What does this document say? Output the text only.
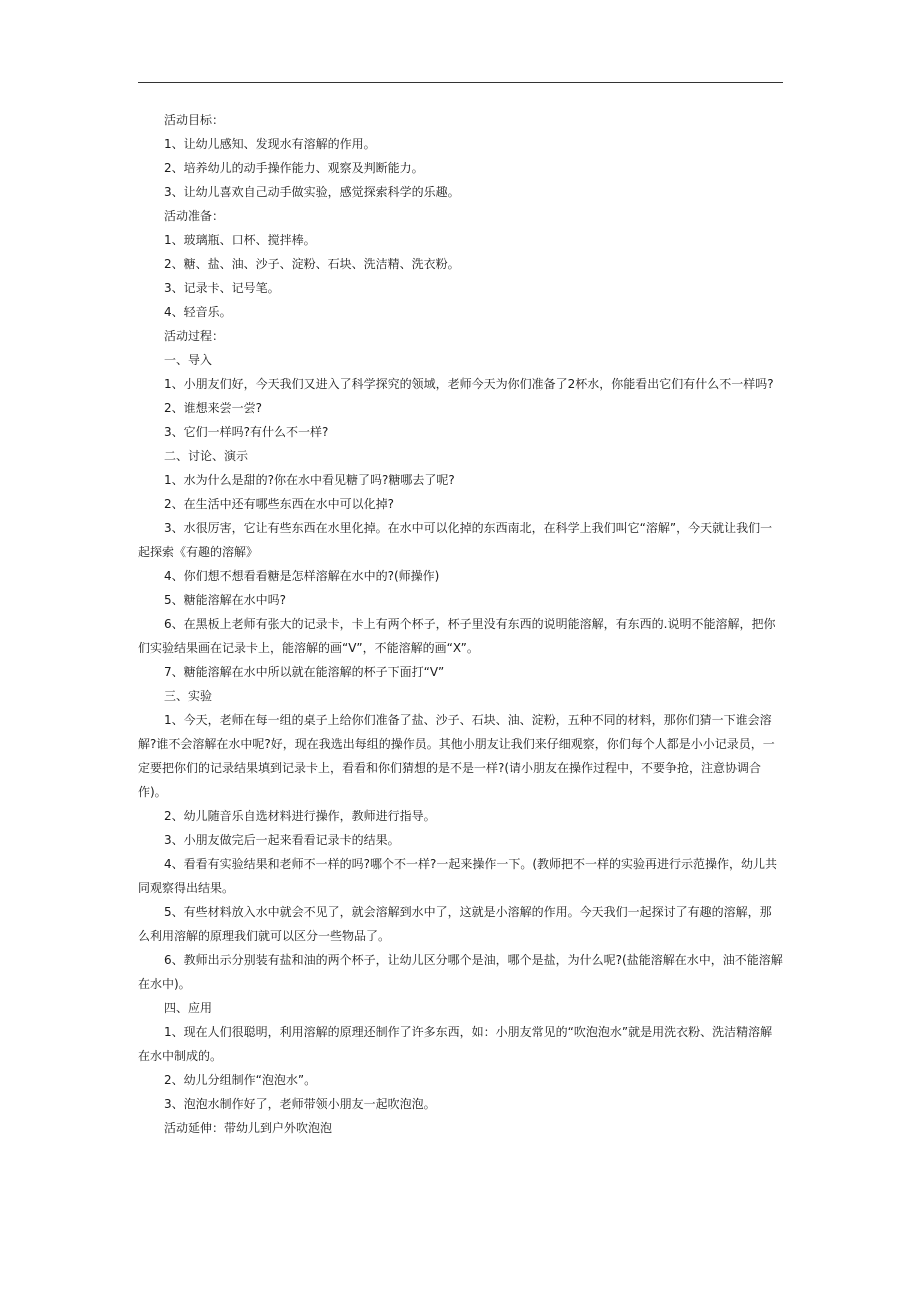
活动目标：

1、让幼儿感知、发现水有溶解的作用。

2、培养幼儿的动手操作能力、观察及判断能力。

3、让幼儿喜欢自己动手做实验，感觉探索科学的乐趣。

活动准备：

1、玻璃瓶、口杯、搅拌棒。

2、糖、盐、油、沙子、淀粉、石块、洗洁精、洗衣粉。

3、记录卡、记号笔。

4、轻音乐。

活动过程：

一、导入

1、小朋友们好，今天我们又进入了科学探究的领域，老师今天为你们准备了2杯水，你能看出它们有什么不一样吗?

2、谁想来尝一尝?

3、它们一样吗?有什么不一样?

二、讨论、演示

1、水为什么是甜的?你在水中看见糖了吗?糖哪去了呢?

2、在生活中还有哪些东西在水中可以化掉?

3、水很厉害，它让有些东西在水里化掉。在水中可以化掉的东西南北，在科学上我们叫它“溶解”，今天就让我们一起探索《有趣的溶解》

4、你们想不想看看糖是怎样溶解在水中的?(师操作)

5、糖能溶解在水中吗?

6、在黑板上老师有张大的记录卡，卡上有两个杯子，杯子里没有东西的说明能溶解，有东西的.说明不能溶解，把你们实验结果画在记录卡上，能溶解的画“V”，不能溶解的画“X”。

7、糖能溶解在水中所以就在能溶解的杯子下面打“V”

三、实验

1、今天，老师在每一组的桌子上给你们准备了盐、沙子、石块、油、淀粉，五种不同的材料，那你们猜一下谁会溶解?谁不会溶解在水中呢?好，现在我选出每组的操作员。其他小朋友让我们来仔细观察，你们每个人都是小小记录员，一定要把你们的记录结果填到记录卡上，看看和你们猜想的是不是一样?(请小朋友在操作过程中，不要争抢，注意协调合作)。

2、幼儿随音乐自选材料进行操作，教师进行指导。

3、小朋友做完后一起来看看记录卡的结果。

4、看看有实验结果和老师不一样的吗?哪个不一样?一起来操作一下。(教师把不一样的实验再进行示范操作，幼儿共同观察得出结果。

5、有些材料放入水中就会不见了，就会溶解到水中了，这就是小溶解的作用。今天我们一起探讨了有趣的溶解，那么利用溶解的原理我们就可以区分一些物品了。

6、教师出示分别装有盐和油的两个杯子，让幼儿区分哪个是油，哪个是盐，为什么呢?(盐能溶解在水中，油不能溶解在水中)。

四、应用

1、现在人们很聪明，利用溶解的原理还制作了许多东西，如：小朋友常见的“吹泡泡水”就是用洗衣粉、洗洁精溶解在水中制成的。

2、幼儿分组制作“泡泡水”。

3、泡泡水制作好了，老师带领小朋友一起吹泡泡。

活动延伸：带幼儿到户外吹泡泡
